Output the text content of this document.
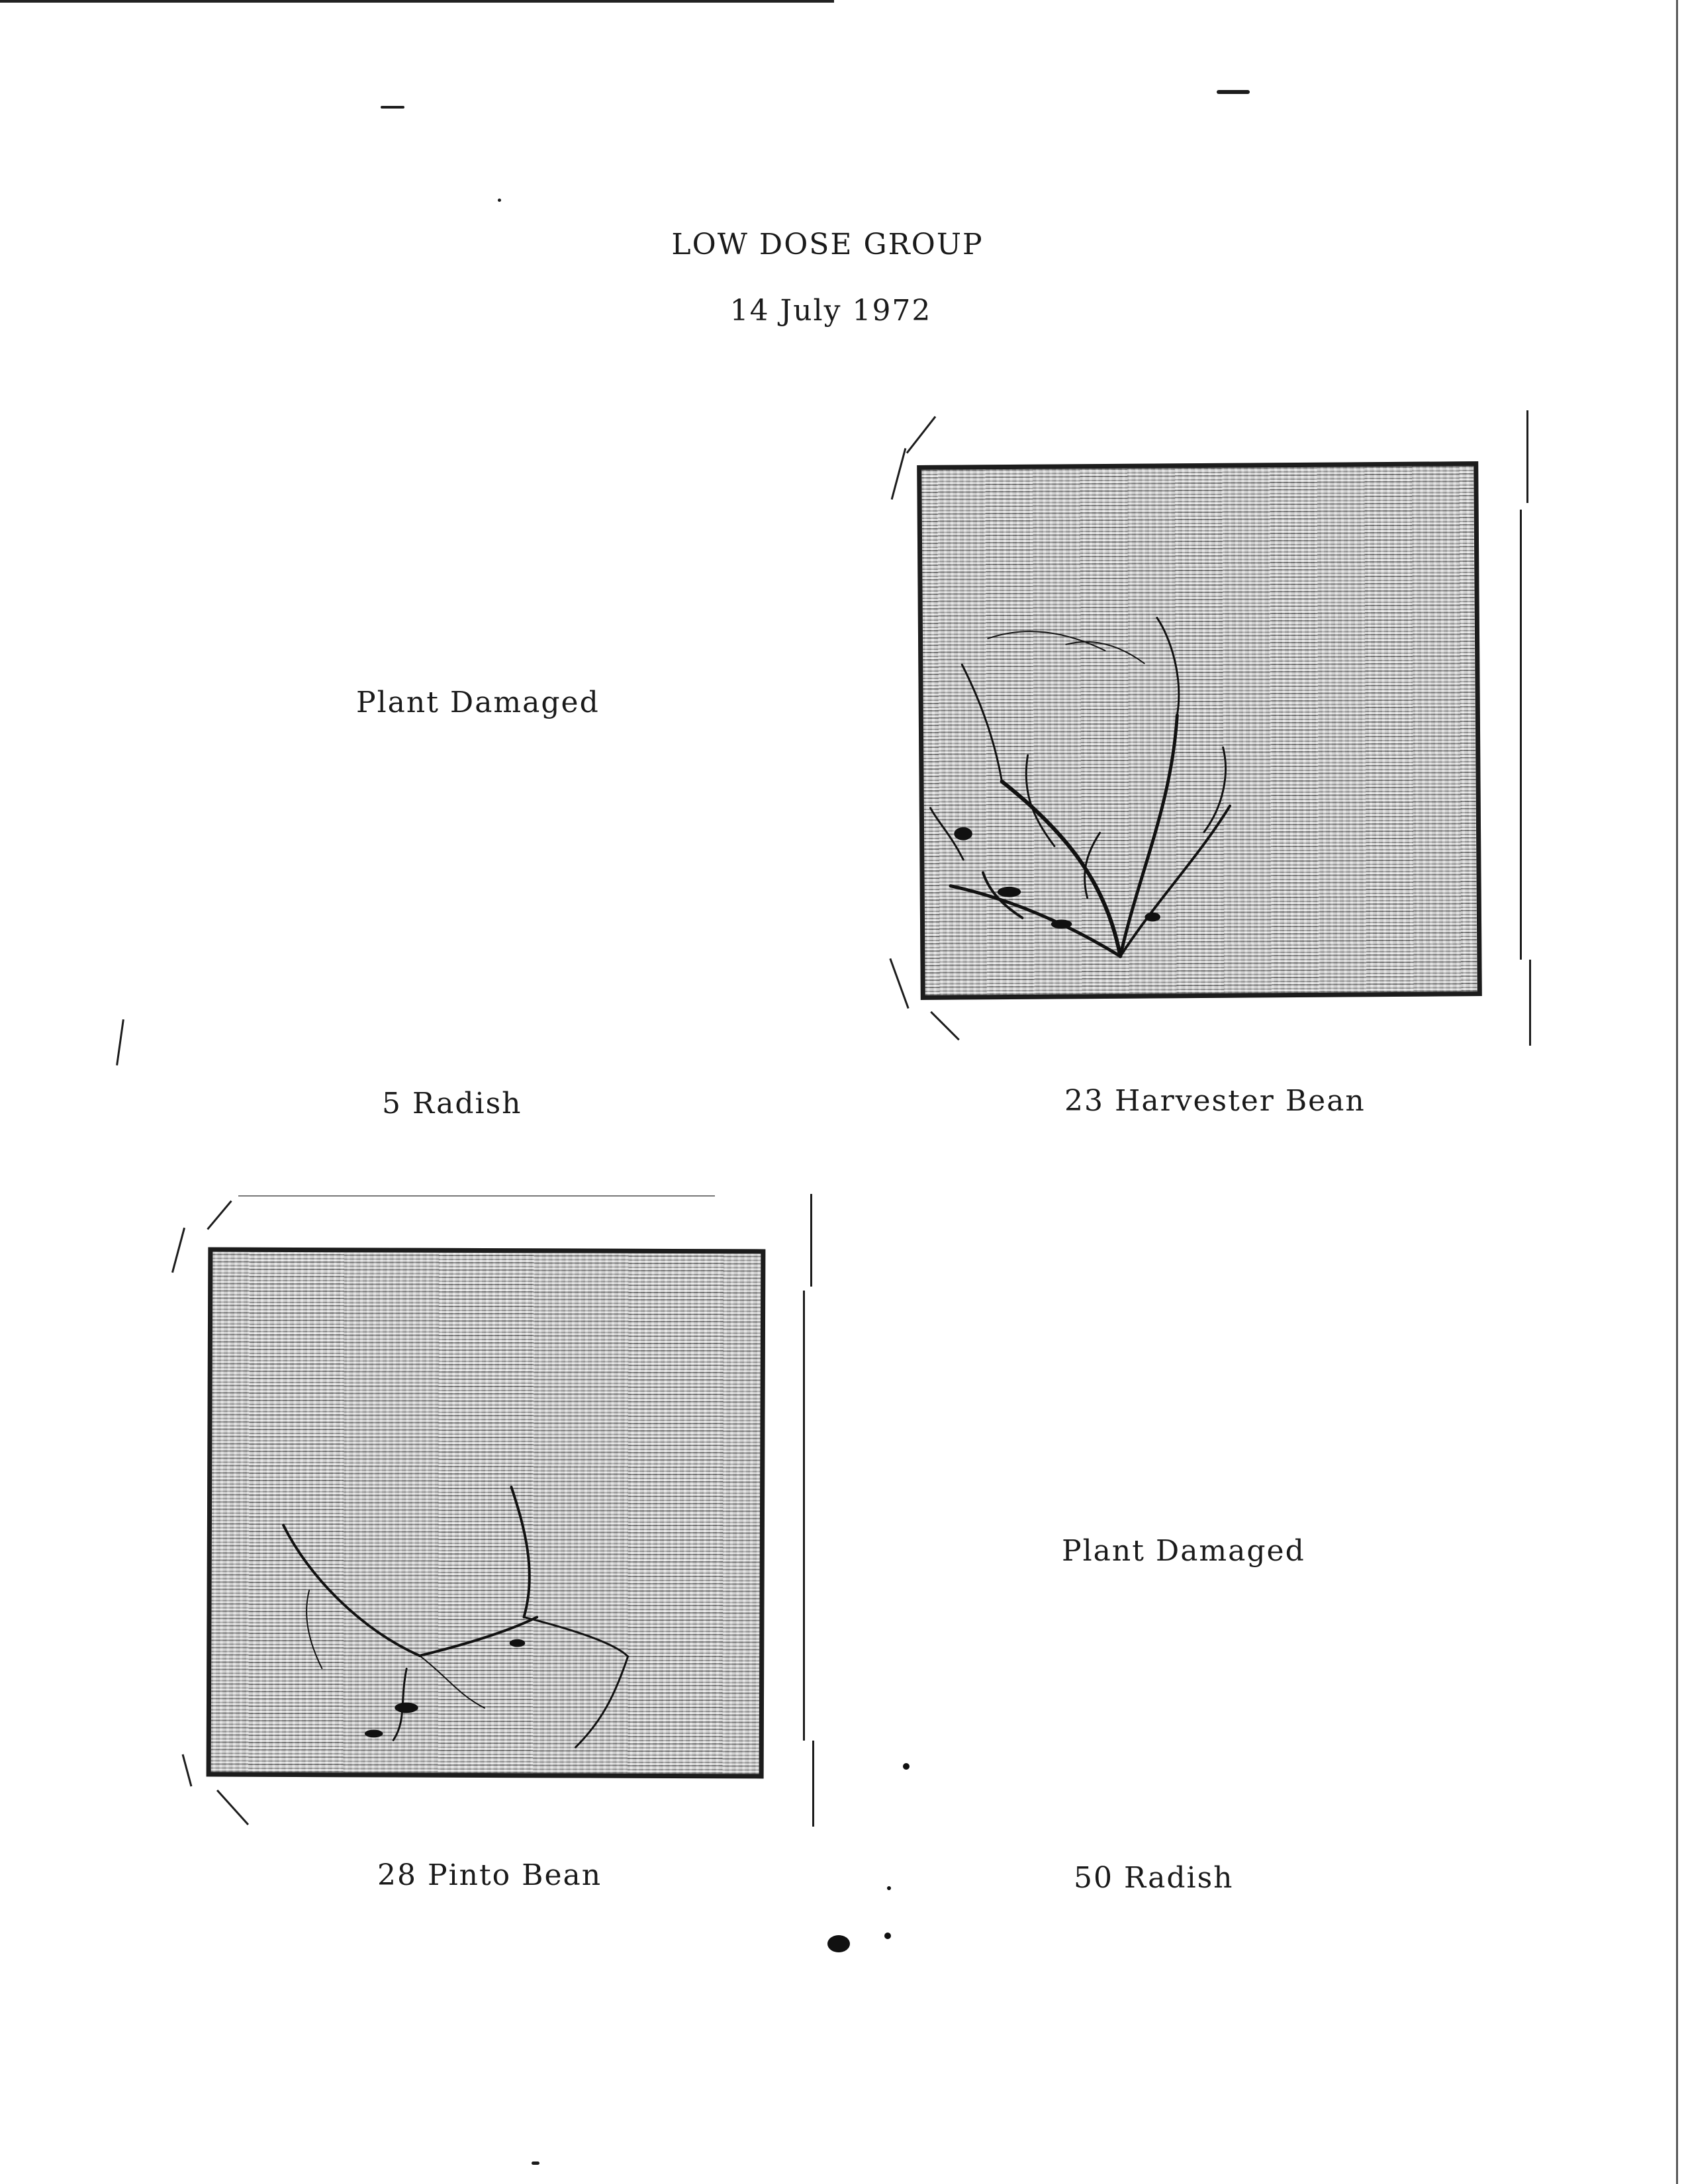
LOW DOSE GROUP
14 July 1972
Plant Damaged
5 Radish	23 Harvester Bean
28 Pinto Bean
Plant Damaged
50 Radish
